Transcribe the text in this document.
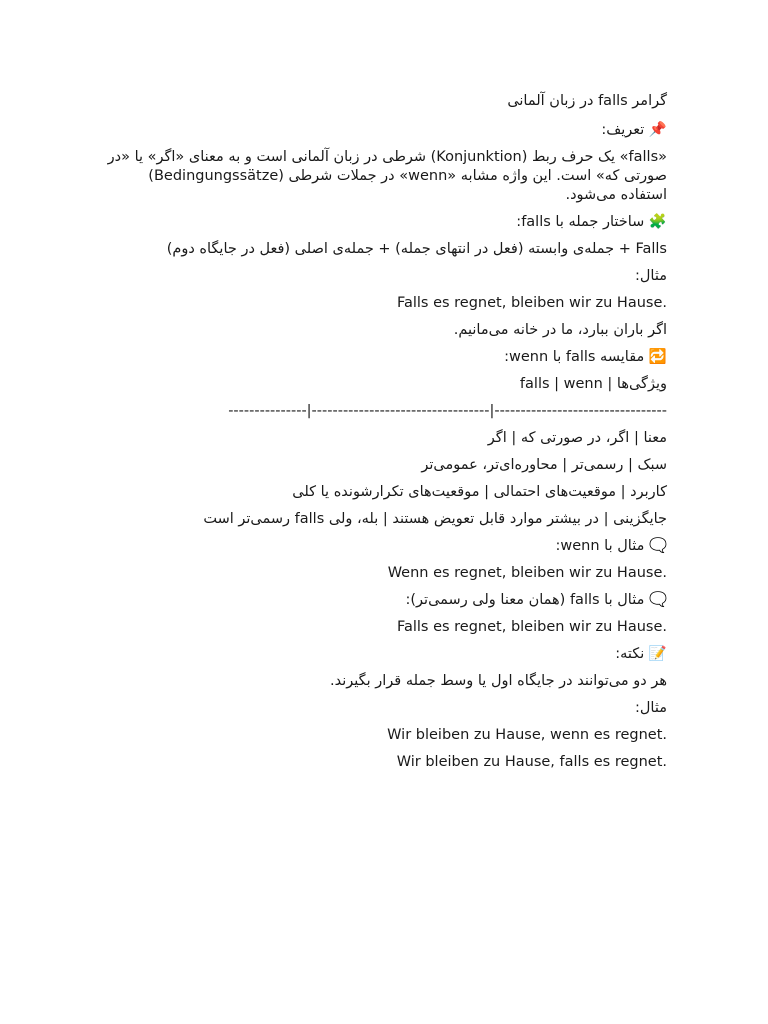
گرامر falls در زبان آلمانی

📌 تعریف:

«falls» یک حرف ربط (Konjunktion) شرطی در زبان آلمانی است و به معنای «اگر» یا «در صورتی که» است. این واژه مشابه «wenn» در جملات شرطی (Bedingungssätze) استفاده می‌شود.

🧩 ساختار جمله با falls:

Falls + جمله‌ی وابسته (فعل در انتهای جمله) + جمله‌ی اصلی (فعل در جایگاه دوم)

مثال:

Falls es regnet, bleiben wir zu Hause.

اگر باران ببارد، ما در خانه می‌مانیم.

🔁 مقایسه falls با wenn:

ویژگی‌ها | falls | wenn

---------------|----------------------------------|---------------------------------

معنا | اگر، در صورتی که | اگر

سبک | رسمی‌تر | محاوره‌ای‌تر، عمومی‌تر

کاربرد | موقعیت‌های احتمالی | موقعیت‌های تکرارشونده یا کلی

جایگزینی | در بیشتر موارد قابل تعویض هستند | بله، ولی falls رسمی‌تر است

🗨️ مثال با wenn:

Wenn es regnet, bleiben wir zu Hause.

🗨️ مثال با falls (همان معنا ولی رسمی‌تر):

Falls es regnet, bleiben wir zu Hause.

📝 نکته:

هر دو می‌توانند در جایگاه اول یا وسط جمله قرار بگیرند.

مثال:

Wir bleiben zu Hause, wenn es regnet.

Wir bleiben zu Hause, falls es regnet.
